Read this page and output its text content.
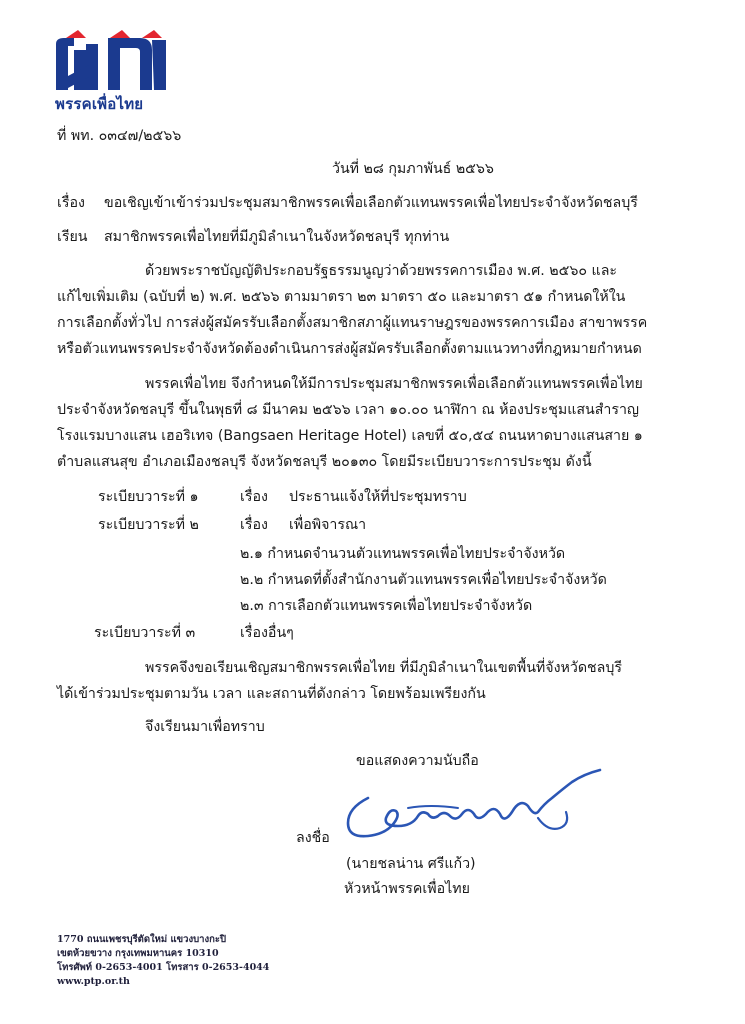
พรรคเพื่อไทย
ที่ พท. ๐๓๔๗/๒๕๖๖
วันที่ ๒๘ กุมภาพันธ์ ๒๕๖๖
เรื่อง ขอเชิญเข้าเข้าร่วมประชุมสมาชิกพรรคเพื่อเลือกตัวแทนพรรคเพื่อไทยประจำจังหวัดชลบุรี
เรียน สมาชิกพรรคเพื่อไทยที่มีภูมิลำเนาในจังหวัดชลบุรี ทุกท่าน
ด้วยพระราชบัญญัติประกอบรัฐธรรมนูญว่าด้วยพรรคการเมือง พ.ศ. ๒๕๖๐ และ
แก้ไขเพิ่มเติม (ฉบับที่ ๒) พ.ศ. ๒๕๖๖ ตามมาตรา ๒๓ มาตรา ๕๐ และมาตรา ๕๑ กำหนดให้ใน
การเลือกตั้งทั่วไป การส่งผู้สมัครรับเลือกตั้งสมาชิกสภาผู้แทนราษฎรของพรรคการเมือง สาขาพรรค
หรือตัวแทนพรรคประจำจังหวัดต้องดำเนินการส่งผู้สมัครรับเลือกตั้งตามแนวทางที่กฎหมายกำหนด
พรรคเพื่อไทย จึงกำหนดให้มีการประชุมสมาชิกพรรคเพื่อเลือกตัวแทนพรรคเพื่อไทย
ประจำจังหวัดชลบุรี ขึ้นในพุธที่ ๘ มีนาคม ๒๕๖๖ เวลา ๑๐.๐๐ นาฬิกา ณ ห้องประชุมแสนสำราญ
โรงแรมบางแสน เฮอริเทจ (Bangsaen Heritage Hotel) เลขที่ ๕๐,๕๔ ถนนหาดบางแสนสาย ๑
ตำบลแสนสุข อำเภอเมืองชลบุรี จังหวัดชลบุรี ๒๐๑๓๐ โดยมีระเบียบวาระการประชุม ดังนี้
ระเบียบวาระที่ ๑	เรื่อง ประธานแจ้งให้ที่ประชุมทราบ
ระเบียบวาระที่ ๒	เรื่อง เพื่อพิจารณา
๒.๑ กำหนดจำนวนตัวแทนพรรคเพื่อไทยประจำจังหวัด
๒.๒ กำหนดที่ตั้งสำนักงานตัวแทนพรรคเพื่อไทยประจำจังหวัด
๒.๓ การเลือกตัวแทนพรรคเพื่อไทยประจำจังหวัด
ระเบียบวาระที่ ๓	เรื่องอื่นๆ
พรรคจึงขอเรียนเชิญสมาชิกพรรคเพื่อไทย ที่มีภูมิลำเนาในเขตพื้นที่จังหวัดชลบุรี
ได้เข้าร่วมประชุมตามวัน เวลา และสถานที่ดังกล่าว โดยพร้อมเพรียงกัน
จึงเรียนมาเพื่อทราบ
ขอแสดงความนับถือ
ลงชื่อ
(นายชลน่าน ศรีแก้ว)
หัวหน้าพรรคเพื่อไทย
1770 ถนนเพชรบุรีตัดใหม่ แขวงบางกะปิ
เขตห้วยขวาง กรุงเทพมหานคร 10310
โทรศัพท์ 0-2653-4001 โทรสาร 0-2653-4044
www.ptp.or.th
